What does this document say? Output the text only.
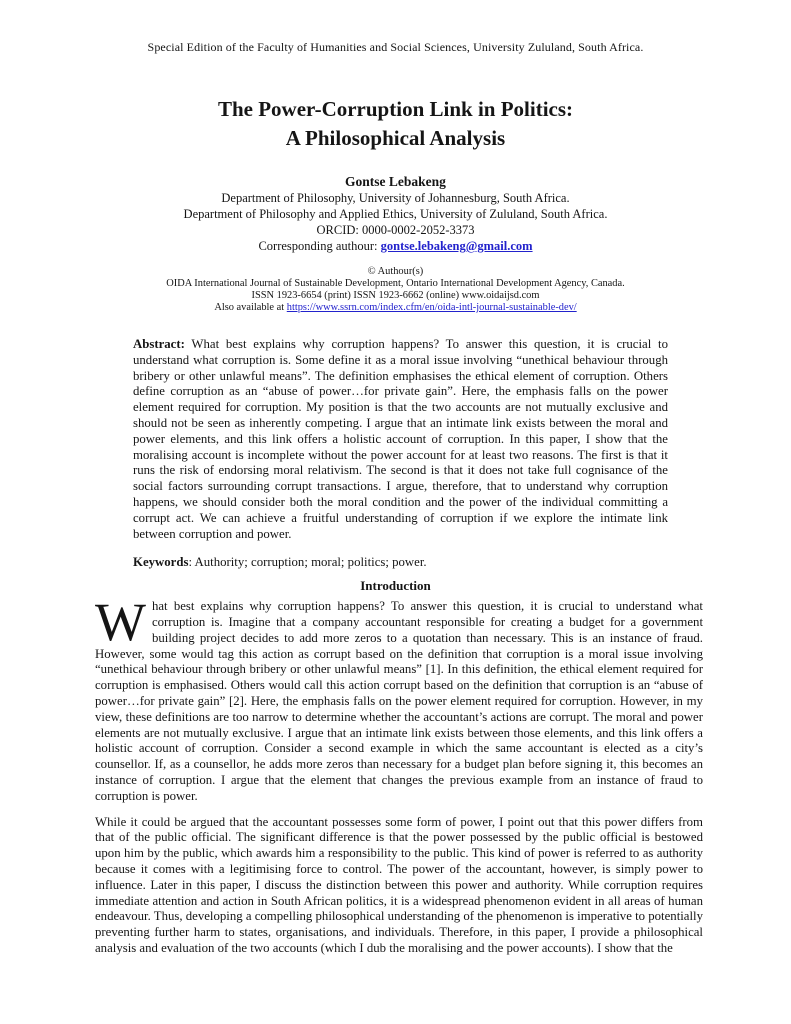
Special Edition of the Faculty of Humanities and Social Sciences, University Zululand, South Africa.
The Power-Corruption Link in Politics:
A Philosophical Analysis
Gontse Lebakeng
Department of Philosophy, University of Johannesburg, South Africa.
Department of Philosophy and Applied Ethics, University of Zululand, South Africa.
ORCID: 0000-0002-2052-3373
Corresponding authour: gontse.lebakeng@gmail.com
© Authour(s)
OIDA International Journal of Sustainable Development, Ontario International Development Agency, Canada.
ISSN 1923-6654 (print) ISSN 1923-6662 (online) www.oidaijsd.com
Also available at https://www.ssrn.com/index.cfm/en/oida-intl-journal-sustainable-dev/
Abstract: What best explains why corruption happens? To answer this question, it is crucial to understand what corruption is. Some define it as a moral issue involving “unethical behaviour through bribery or other unlawful means”. The definition emphasises the ethical element of corruption. Others define corruption as an “abuse of power…for private gain”. Here, the emphasis falls on the power element required for corruption. My position is that the two accounts are not mutually exclusive and should not be seen as inherently competing. I argue that an intimate link exists between the moral and power elements, and this link offers a holistic account of corruption. In this paper, I show that the moralising account is incomplete without the power account for at least two reasons. The first is that it runs the risk of endorsing moral relativism. The second is that it does not take full cognisance of the social factors surrounding corrupt transactions. I argue, therefore, that to understand why corruption happens, we should consider both the moral condition and the power of the individual committing a corrupt act. We can achieve a fruitful understanding of corruption if we explore the intimate link between corruption and power.
Keywords: Authority; corruption; moral; politics; power.
Introduction

What best explains why corruption happens? To answer this question, it is crucial to understand what corruption is. Imagine that a company accountant responsible for creating a budget for a government building project decides to add more zeros to a quotation than necessary. This is an instance of fraud. However, some would tag this action as corrupt based on the definition that corruption is a moral issue involving “unethical behaviour through bribery or other unlawful means” [1]. In this definition, the ethical element required for corruption is emphasised. Others would call this action corrupt based on the definition that corruption is an “abuse of power…for private gain” [2]. Here, the emphasis falls on the power element required for corruption. However, in my view, these definitions are too narrow to determine whether the accountant’s actions are corrupt. The moral and power elements are not mutually exclusive. I argue that an intimate link exists between those elements, and this link offers a holistic account of corruption. Consider a second example in which the same accountant is elected as a city’s counsellor. If, as a counsellor, he adds more zeros than necessary for a budget plan before signing it, this becomes an instance of corruption. I argue that the element that changes the previous example from an instance of fraud to corruption is power.

While it could be argued that the accountant possesses some form of power, I point out that this power differs from that of the public official. The significant difference is that the power possessed by the public official is bestowed upon him by the public, which awards him a responsibility to the public. This kind of power is referred to as authority because it comes with a legitimising force to control. The power of the accountant, however, is simply power to influence. Later in this paper, I discuss the distinction between this power and authority. While corruption requires immediate attention and action in South African politics, it is a widespread phenomenon evident in all areas of human endeavour. Thus, developing a compelling philosophical understanding of the phenomenon is imperative to potentially preventing further harm to states, organisations, and individuals. Therefore, in this paper, I provide a philosophical analysis and evaluation of the two accounts (which I dub the moralising and the power accounts). I show that the
